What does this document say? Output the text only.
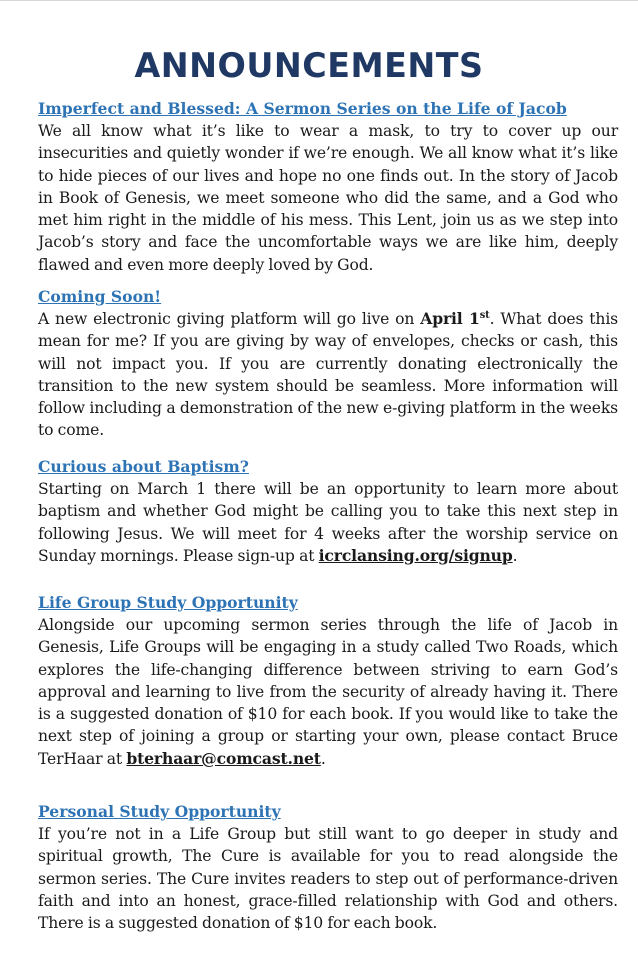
ANNOUNCEMENTS
Imperfect and Blessed: A Sermon Series on the Life of Jacob

We all know what it’s like to wear a mask, to try to cover up our insecurities and quietly wonder if we’re enough. We all know what it’s like to hide pieces of our lives and hope no one finds out. In the story of Jacob in Book of Genesis, we meet someone who did the same, and a God who met him right in the middle of his mess. This Lent, join us as we step into Jacob’s story and face the uncomfortable ways we are like him, deeply flawed and even more deeply loved by God.

Coming Soon!

A new electronic giving platform will go live on April 1st. What does this mean for me? If you are giving by way of envelopes, checks or cash, this will not impact you. If you are currently donating electronically the transition to the new system should be seamless. More information will follow including a demonstration of the new e-giving platform in the weeks to come.

Curious about Baptism?

Starting on March 1 there will be an opportunity to learn more about baptism and whether God might be calling you to take this next step in following Jesus. We will meet for 4 weeks after the worship service on Sunday mornings. Please sign-up at icrclansing.org/signup.

Life Group Study Opportunity

Alongside our upcoming sermon series through the life of Jacob in Genesis, Life Groups will be engaging in a study called Two Roads, which explores the life-changing difference between striving to earn God’s approval and learning to live from the security of already having it. There is a suggested donation of $10 for each book. If you would like to take the next step of joining a group or starting your own, please contact Bruce TerHaar at bterhaar@comcast.net.

Personal Study Opportunity

If you’re not in a Life Group but still want to go deeper in study and spiritual growth, The Cure is available for you to read alongside the sermon series. The Cure invites readers to step out of performance-driven faith and into an honest, grace-filled relationship with God and others. There is a suggested donation of $10 for each book.
